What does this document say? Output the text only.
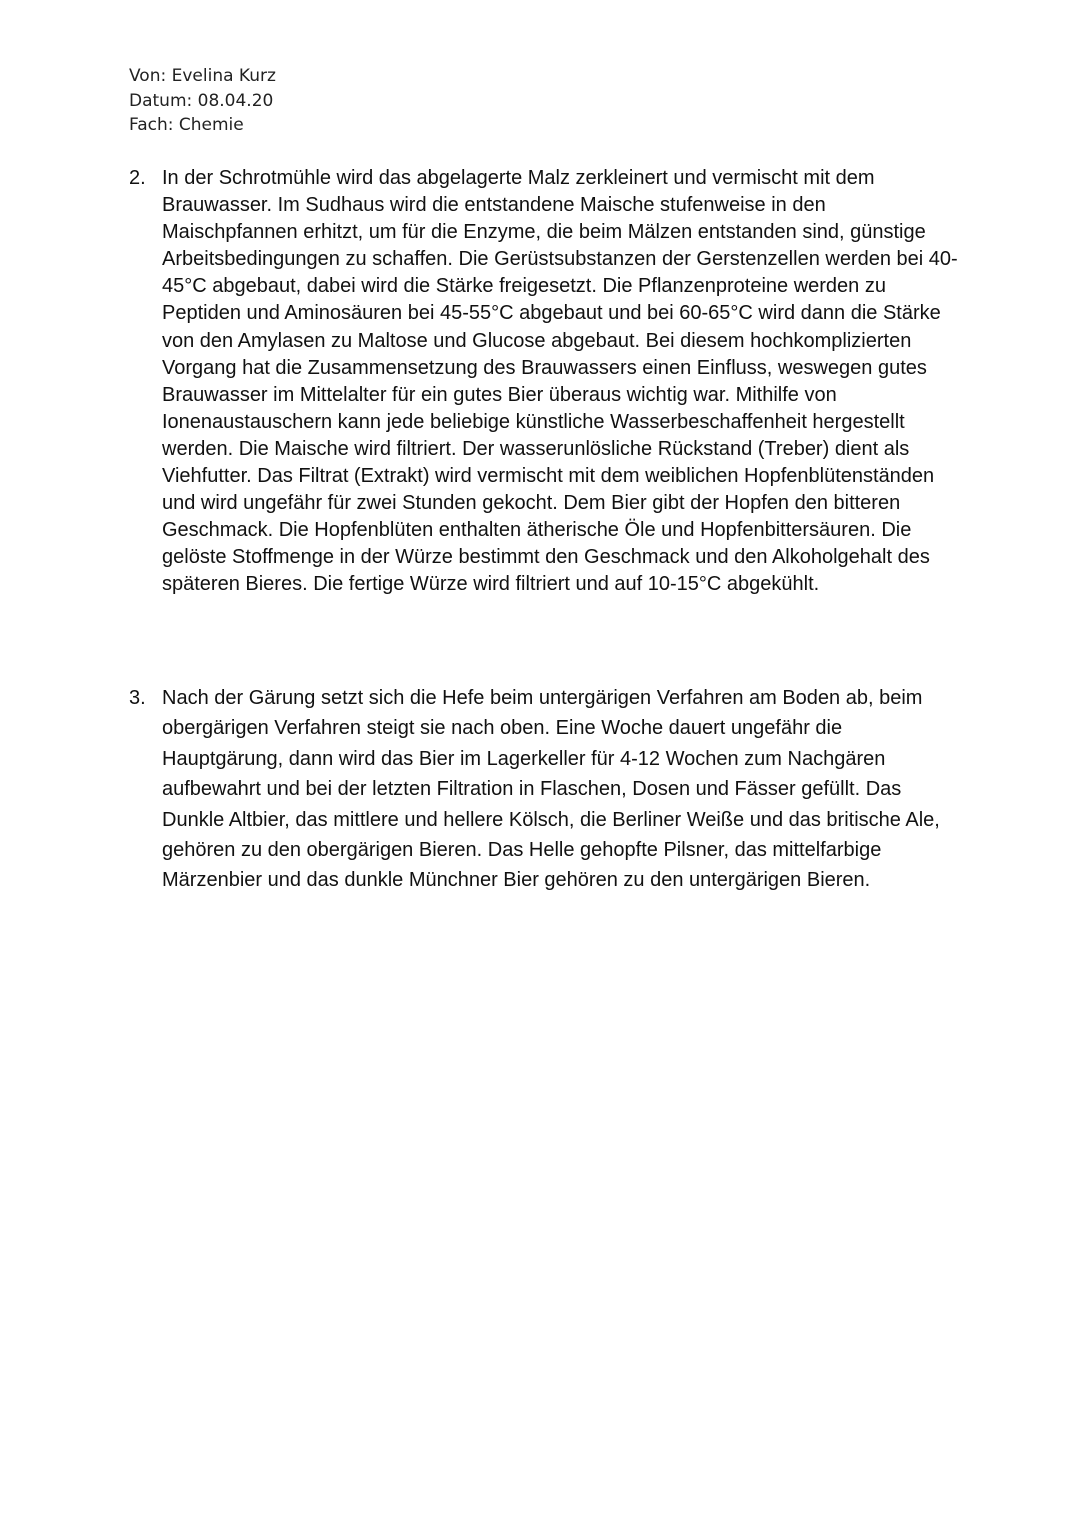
Von: Evelina Kurz
Datum: 08.04.20
Fach: Chemie
2. In der Schrotmühle wird das abgelagerte Malz zerkleinert und vermischt mit dem Brauwasser. Im Sudhaus wird die entstandene Maische stufenweise in den Maischpfannen erhitzt, um für die Enzyme, die beim Mälzen entstanden sind, günstige Arbeitsbedingungen zu schaffen. Die Gerüstsubstanzen der Gerstenzellen werden bei 40-45°C abgebaut, dabei wird die Stärke freigesetzt. Die Pflanzenproteine werden zu Peptiden und Aminosäuren bei 45-55°C abgebaut und bei 60-65°C wird dann die Stärke von den Amylasen zu Maltose und Glucose abgebaut. Bei diesem hochkomplizierten Vorgang hat die Zusammensetzung des Brauwassers einen Einfluss, weswegen gutes Brauwasser im Mittelalter für ein gutes Bier überaus wichtig war. Mithilfe von Ionenaustauschern kann jede beliebige künstliche Wasserbeschaffenheit hergestellt werden. Die Maische wird filtriert. Der wasserunlösliche Rückstand (Treber) dient als Viehfutter. Das Filtrat (Extrakt) wird vermischt mit dem weiblichen Hopfenblütenständen und wird ungefähr für zwei Stunden gekocht. Dem Bier gibt der Hopfen den bitteren Geschmack. Die Hopfenblüten enthalten ätherische Öle und Hopfenbittersäuren. Die gelöste Stoffmenge in der Würze bestimmt den Geschmack und den Alkoholgehalt des späteren Bieres. Die fertige Würze wird filtriert und auf 10-15°C abgekühlt.
3. Nach der Gärung setzt sich die Hefe beim untergärigen Verfahren am Boden ab, beim obergärigen Verfahren steigt sie nach oben. Eine Woche dauert ungefähr die Hauptgärung, dann wird das Bier im Lagerkeller für 4-12 Wochen zum Nachgären aufbewahrt und bei der letzten Filtration in Flaschen, Dosen und Fässer gefüllt. Das Dunkle Altbier, das mittlere und hellere Kölsch, die Berliner Weiße und das britische Ale, gehören zu den obergärigen Bieren. Das Helle gehopfte Pilsner, das mittelfarbige Märzenbier und das dunkle Münchner Bier gehören zu den untergärigen Bieren.
